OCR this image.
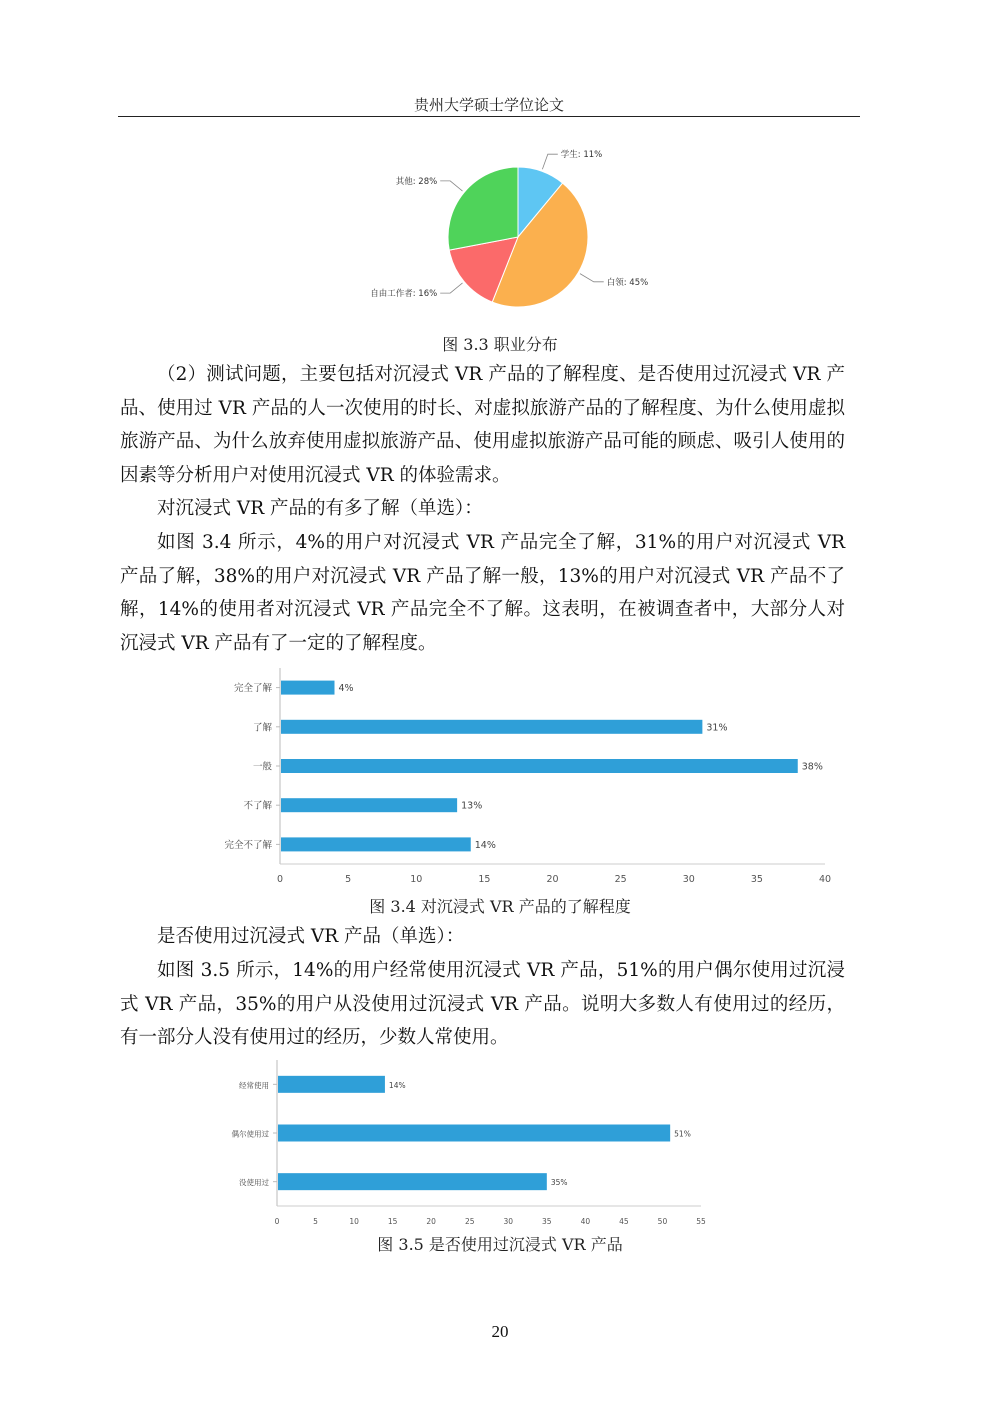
贵州大学硕士学位论文
学生: 11%
白领: 45%
自由工作者: 16%
其他: 28%
图 3.3 职业分布

（2）测试问题，主要包括对沉浸式 VR 产品的了解程度、是否使用过沉浸式 VR 产品、使用过 VR 产品的人一次使用的时长、对虚拟旅游产品的了解程度、为什么使用虚拟旅游产品、为什么放弃使用虚拟旅游产品、使用虚拟旅游产品可能的顾虑、吸引人使用的因素等分析用户对使用沉浸式 VR 的体验需求。

对沉浸式 VR 产品的有多了解（单选）：

如图 3.4 所示，4%的用户对沉浸式 VR 产品完全了解，31%的用户对沉浸式 VR 产品了解，38%的用户对沉浸式 VR 产品了解一般，13%的用户对沉浸式 VR 产品不了解，14%的使用者对沉浸式 VR 产品完全不了解。这表明，在被调查者中，大部分人对沉浸式 VR 产品有了一定的了解程度。

0	5	10	15	20	25	30	35	40
完全了解	4%
了解	31%
一般	38%
不了解	13%
完全不了解	14%
图 3.4 对沉浸式 VR 产品的了解程度

是否使用过沉浸式 VR 产品（单选）：

如图 3.5 所示，14%的用户经常使用沉浸式 VR 产品，51%的用户偶尔使用过沉浸式 VR 产品，35%的用户从没使用过沉浸式 VR 产品。说明大多数人有使用过的经历，有一部分人没有使用过的经历，少数人常使用。

0	5	10	15	20	25	30	35	40	45	50	55
经常使用	14%
偶尔使用过	51%
没使用过	35%
图 3.5 是否使用过沉浸式 VR 产品
20
